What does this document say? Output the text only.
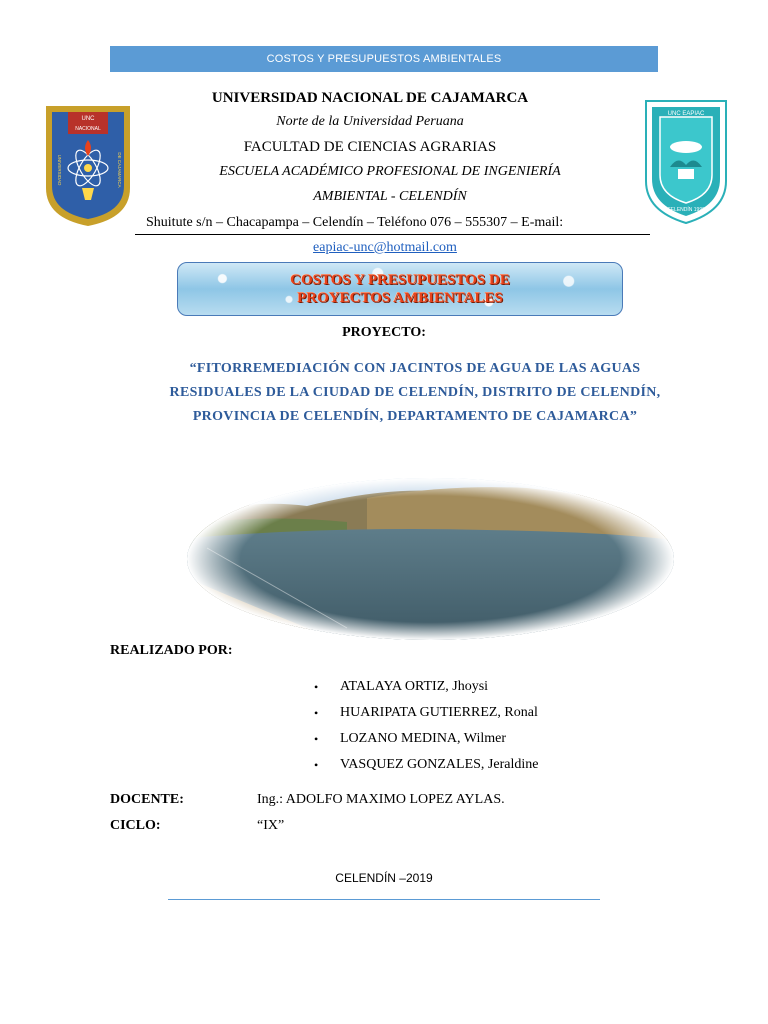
COSTOS Y PRESUPUESTOS AMBIENTALES
UNC
NACIONAL
UNIVERSIDAD	DE CAJAMARCA
UNIVERSIDAD NACIONAL DE CAJAMARCA
Norte de la Universidad Peruana
FACULTAD DE CIENCIAS AGRARIAS
ESCUELA ACADÉMICO PROFESIONAL DE INGENIERÍA
AMBIENTAL - CELENDÍN
Shuitute s/n – Chacapampa – Celendín – Teléfono 076 – 555307 – E-mail:
eapiac-unc@hotmail.com
UNC EAPIAC
CELENDÍN 1999
COSTOS Y PRESUPUESTOS DE PROYECTOS AMBIENTALES
PROYECTO:
“FITORREMEDIACIÓN CON JACINTOS DE AGUA DE LAS AGUAS RESIDUALES DE LA CIUDAD DE CELENDÍN, DISTRITO DE CELENDÍN, PROVINCIA DE CELENDÍN, DEPARTAMENTO DE CAJAMARCA”
REALIZADO POR:
• ATALAYA ORTIZ, Jhoysi
• HUARIPATA GUTIERREZ, Ronal
• LOZANO MEDINA, Wilmer
• VASQUEZ GONZALES, Jeraldine
DOCENTE:	Ing.: ADOLFO MAXIMO LOPEZ AYLAS.
CICLO:	“IX”
CELENDÍN –2019
